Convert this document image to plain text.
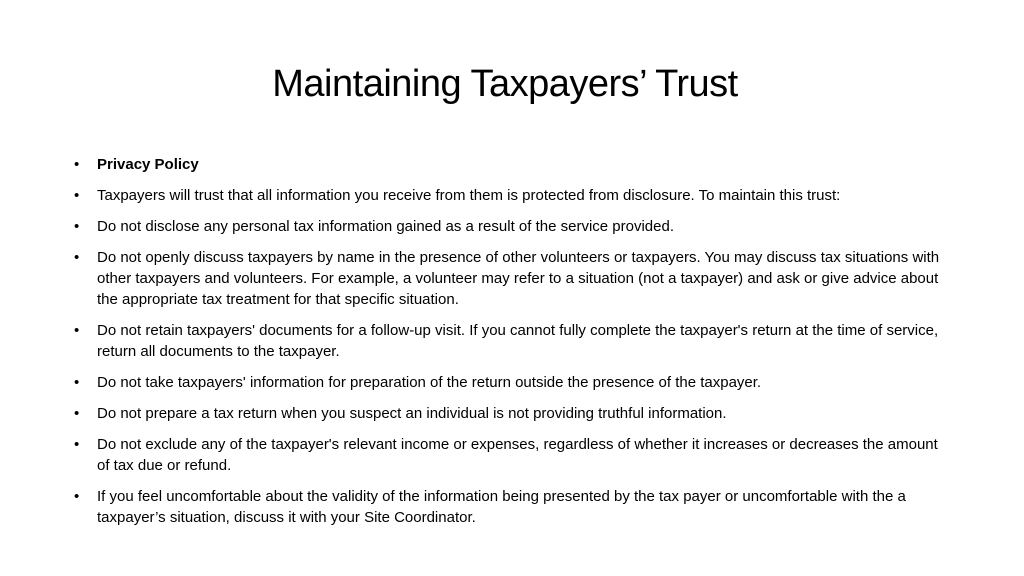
Maintaining Taxpayers’ Trust
• Privacy Policy
• Taxpayers will trust that all information you receive from them is protected from disclosure. To maintain this trust:
• Do not disclose any personal tax information gained as a result of the service provided.
• Do not openly discuss taxpayers by name in the presence of other volunteers or taxpayers. You may discuss tax situations with other taxpayers and volunteers. For example, a volunteer may refer to a situation (not a taxpayer) and ask or give advice about the appropriate tax treatment for that specific situation.
• Do not retain taxpayers' documents for a follow-up visit. If you cannot fully complete the taxpayer's return at the time of service, return all documents to the taxpayer.
• Do not take taxpayers' information for preparation of the return outside the presence of the taxpayer.
• Do not prepare a tax return when you suspect an individual is not providing truthful information.
• Do not exclude any of the taxpayer's relevant income or expenses, regardless of whether it increases or decreases the amount of tax due or refund.
• If you feel uncomfortable about the validity of the information being presented by the tax payer or uncomfortable with the a taxpayer’s situation, discuss it with your Site Coordinator.
